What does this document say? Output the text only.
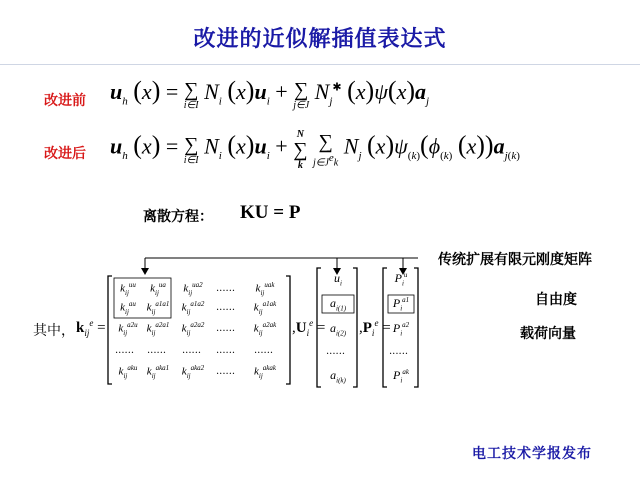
改进的近似解插值表达式
改进前 $u_h$ (x) = ∑
i∈I
$N_i$ $(x)u_i$ + ∑
j∈J
$N_j^✱$ $(x)\psi(x)a_j$
改进后 $u_h$ (x) = ∑
i∈I
$N_i$ $(x)u_i + N$
∑
k

∑
$j\in J^ek$
$N_j$ $(x)\psi_{(k)}(\phi_{(k)}$ $(x))a_{j(k)}$
离散方程： KU = P
传统扩展有限元刚度矩阵
自由度
载荷向量
其中， $k_{ij}^e$ =	$,U_i^e = ,P_i^e$ =
$k_{ij}^{uu}$	$k_{ij}^{ua}$	$k_{ij}^{ua2}$	......	$k_{ij}^{uak}$
$k_{ij}^{au}$ $k_{ij}^{a1a1}$	$k_{ij}^{a1a2}$	......	$k_{ij}^{a1ak}$
$k_{ij}^{a2u}$ $k_{ij}^{a2a1}$	$k_{ij}^{a2a2}$	......	$k_{ij}^{a2ak}$
...... ...... ...... ...... ......
$k_{ij}^{aku}$ $k_{ij}^{aka1}$	$k_{ij}^{aka2}$	......	$k_{ij}^{akak}$
$u_i$
$a_{i(1)}$
$a_{i(2)}$
......
$a_{i(k)}$
$P_i^u$
$P_i^{a1}$
$P_i^{a2}$
......
$P_i^{ak}$
电工技术学报发布
